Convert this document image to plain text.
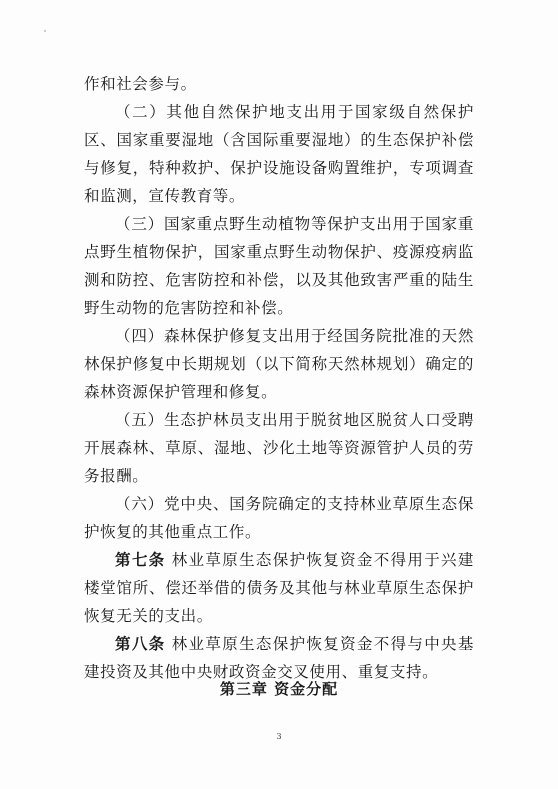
作和社会参与。

（二）其他自然保护地支出用于国家级自然保护区、国家重要湿地（含国际重要湿地）的生态保护补偿与修复，特种救护、保护设施设备购置维护，专项调查和监测，宣传教育等。

（三）国家重点野生动植物等保护支出用于国家重点野生植物保护，国家重点野生动物保护、疫源疫病监测和防控、危害防控和补偿，以及其他致害严重的陆生野生动物的危害防控和补偿。

（四）森林保护修复支出用于经国务院批准的天然林保护修复中长期规划（以下简称天然林规划）确定的森林资源保护管理和修复。

（五）生态护林员支出用于脱贫地区脱贫人口受聘开展森林、草原、湿地、沙化土地等资源管护人员的劳务报酬。

（六）党中央、国务院确定的支持林业草原生态保护恢复的其他重点工作。

第七条 林业草原生态保护恢复资金不得用于兴建楼堂馆所、偿还举借的债务及其他与林业草原生态保护恢复无关的支出。

第八条 林业草原生态保护恢复资金不得与中央基建投资及其他中央财政资金交叉使用、重复支持。

第三章 资金分配
3
